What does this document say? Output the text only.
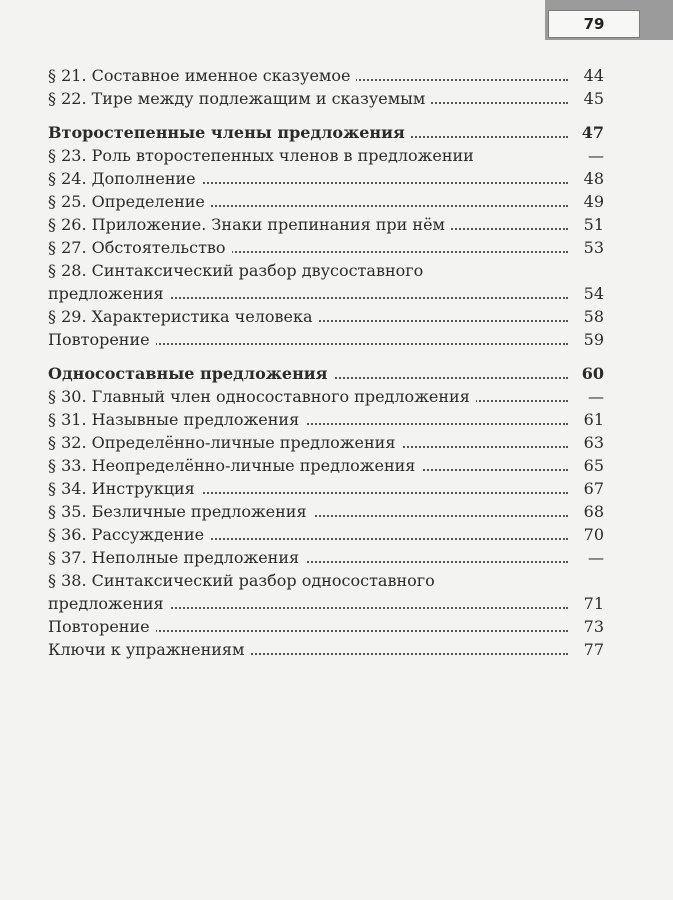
79
§ 21. Составное именное сказуемое	44
§ 22. Тире между подлежащим и сказуемым	45
Второстепенные члены предложения	47
§ 23. Роль второстепенных членов в предложении	—
§ 24. Дополнение	48
§ 25. Определение	49
§ 26. Приложение. Знаки препинания при нём	51
§ 27. Обстоятельство	53
§ 28. Синтаксический разбор двусоставного
предложения	54
§ 29. Характеристика человека	58
Повторение	59
Односоставные предложения	60
§ 30. Главный член односоставного предложения	—
§ 31. Назывные предложения	61
§ 32. Определённо-личные предложения	63
§ 33. Неопределённо-личные предложения	65
§ 34. Инструкция	67
§ 35. Безличные предложения	68
§ 36. Рассуждение	70
§ 37. Неполные предложения	—
§ 38. Синтаксический разбор односоставного
предложения	71
Повторение	73
Ключи к упражнениям	77
